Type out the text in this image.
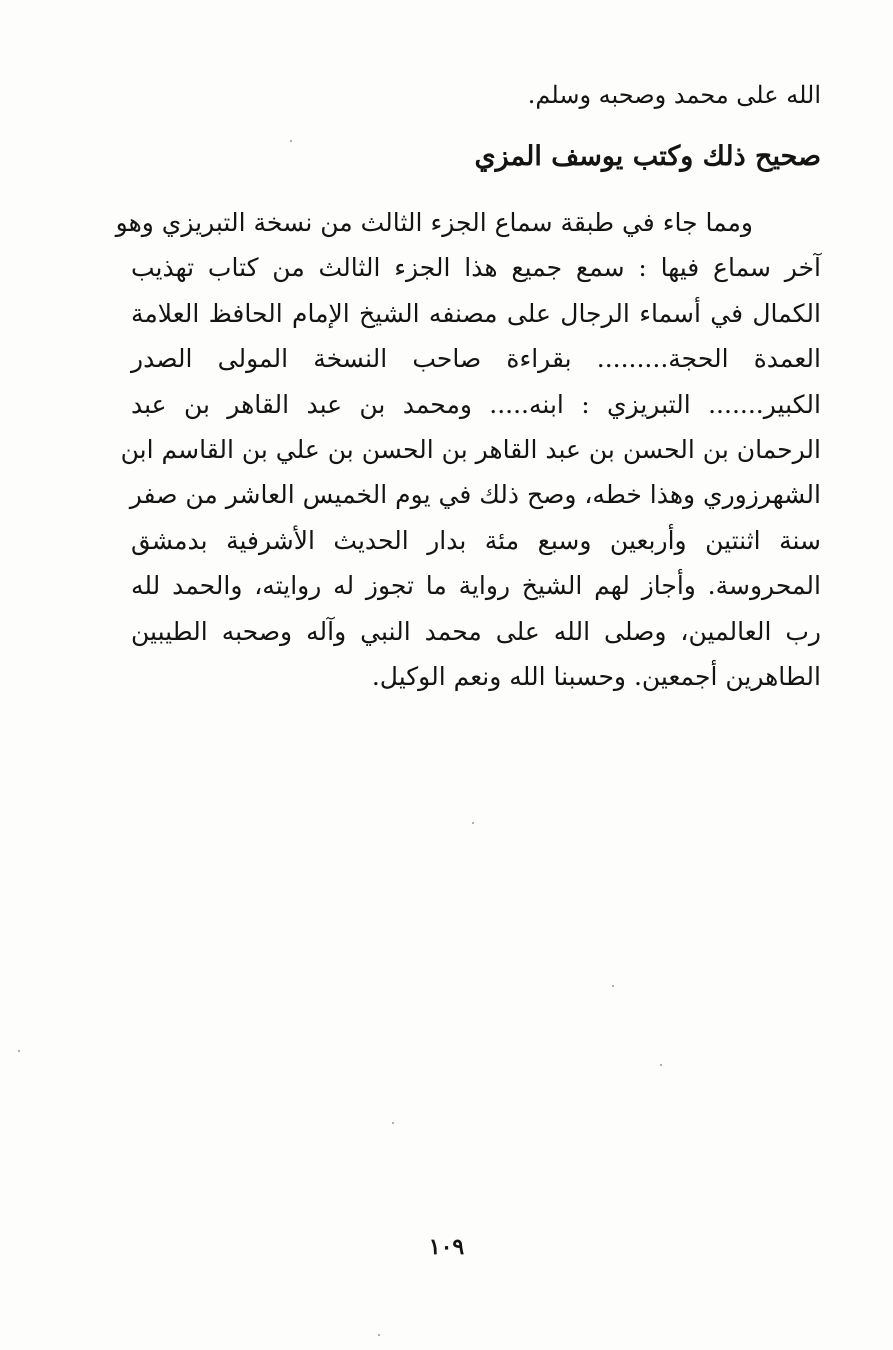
الله على محمد وصحبه وسلم.
صحيح ذلك وكتب يوسف المزي
ومما جاء في طبقة سماع الجزء الثالث من نسخة التبريزي وهو
آخر سماع فيها : سمع جميع هذا الجزء الثالث من كتاب تهذيب
الكمال في أسماء الرجال على مصنفه الشيخ الإمام الحافظ العلامة
العمدة الحجة......... بقراءة صاحب النسخة المولى الصدر
الكبير....... التبريزي : ابنه..... ومحمد بن عبد القاهر بن عبد
الرحمان بن الحسن بن عبد القاهر بن الحسن بن علي بن القاسم ابن
الشهرزوري وهذا خطه، وصح ذلك في يوم الخميس العاشر من صفر
سنة اثنتين وأربعين وسبع مئة بدار الحديث الأشرفية بدمشق
المحروسة. وأجاز لهم الشيخ رواية ما تجوز له روايته، والحمد لله
رب العالمين، وصلى الله على محمد النبي وآله وصحبه الطيبين
الطاهرين أجمعين. وحسبنا الله ونعم الوكيل.
١٠٩
